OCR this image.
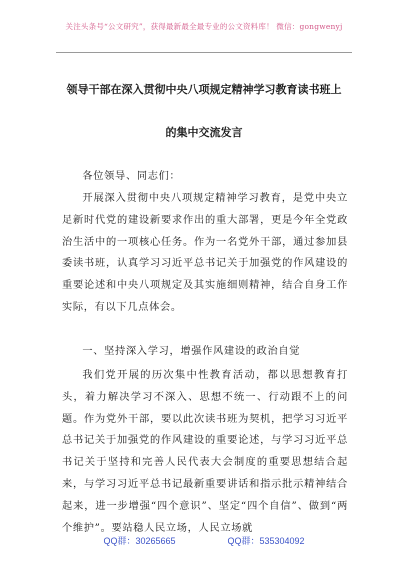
关注头条号“公文研究”，获得最新最全最专业的公文资料库！ 微信：gongwenyj
领导干部在深入贯彻中央八项规定精神学习教育读书班上
的集中交流发言

各位领导、同志们：

开展深入贯彻中央八项规定精神学习教育，是党中央立足新时代党的建设新要求作出的重大部署，更是今年全党政治生活中的一项核心任务。作为一名党外干部，通过参加县委读书班，认真学习习近平总书记关于加强党的作风建设的重要论述和中央八项规定及其实施细则精神，结合自身工作实际，有以下几点体会。

一、坚持深入学习，增强作风建设的政治自觉

我们党开展的历次集中性教育活动，都以思想教育打头，着力解决学习不深入、思想不统一、行动跟不上的问题。作为党外干部，要以此次读书班为契机，把学习习近平总书记关于加强党的作风建设的重要论述，与学习习近平总书记关于坚持和完善人民代表大会制度的重要思想结合起来，与学习习近平总书记最新重要讲话和指示批示精神结合起来，进一步增强“四个意识”、坚定“四个自信”、做到“两个维护”。要站稳人民立场，人民立场就

QQ群：30265665	QQ群：535304092
